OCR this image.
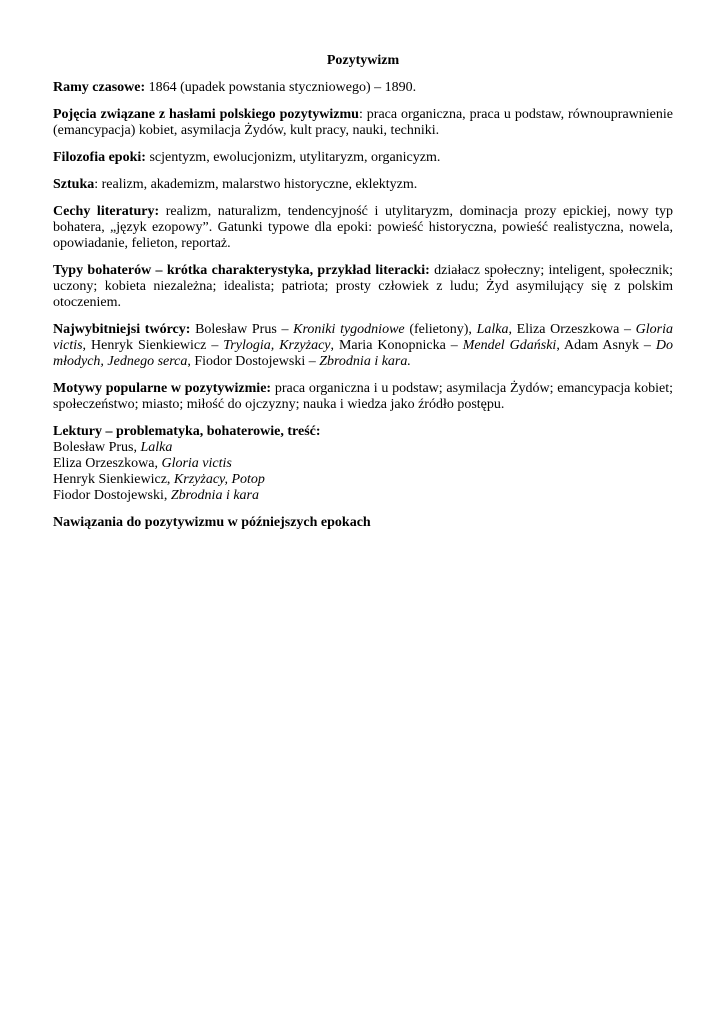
Pozytywizm
Ramy czasowe: 1864 (upadek powstania styczniowego) – 1890.
Pojęcia związane z hasłami polskiego pozytywizmu: praca organiczna, praca u podstaw, równouprawnienie (emancypacja) kobiet, asymilacja Żydów, kult pracy, nauki, techniki.
Filozofia epoki: scjentyzm, ewolucjonizm, utylitaryzm, organicyzm.
Sztuka: realizm, akademizm, malarstwo historyczne, eklektyzm.
Cechy literatury: realizm, naturalizm, tendencyjność i utylitaryzm, dominacja prozy epickiej, nowy typ bohatera, „język ezopowy”. Gatunki typowe dla epoki: powieść historyczna, powieść realistyczna, nowela, opowiadanie, felieton, reportaż.
Typy bohaterów – krótka charakterystyka, przykład literacki: działacz społeczny; inteligent, społecznik; uczony; kobieta niezależna; idealista; patriota; prosty człowiek z ludu; Żyd asymilujący się z polskim otoczeniem.
Najwybitniejsi twórcy: Bolesław Prus – Kroniki tygodniowe (felietony), Lalka, Eliza Orzeszkowa – Gloria victis, Henryk Sienkiewicz – Trylogia, Krzyżacy, Maria Konopnicka – Mendel Gdański, Adam Asnyk – Do młodych, Jednego serca, Fiodor Dostojewski – Zbrodnia i kara.
Motywy popularne w pozytywizmie: praca organiczna i u podstaw; asymilacja Żydów; emancypacja kobiet; społeczeństwo; miasto; miłość do ojczyzny; nauka i wiedza jako źródło postępu.
Lektury – problematyka, bohaterowie, treść:
Bolesław Prus, Lalka
Eliza Orzeszkowa, Gloria victis
Henryk Sienkiewicz, Krzyżacy, Potop
Fiodor Dostojewski, Zbrodnia i kara
Nawiązania do pozytywizmu w późniejszych epokach
